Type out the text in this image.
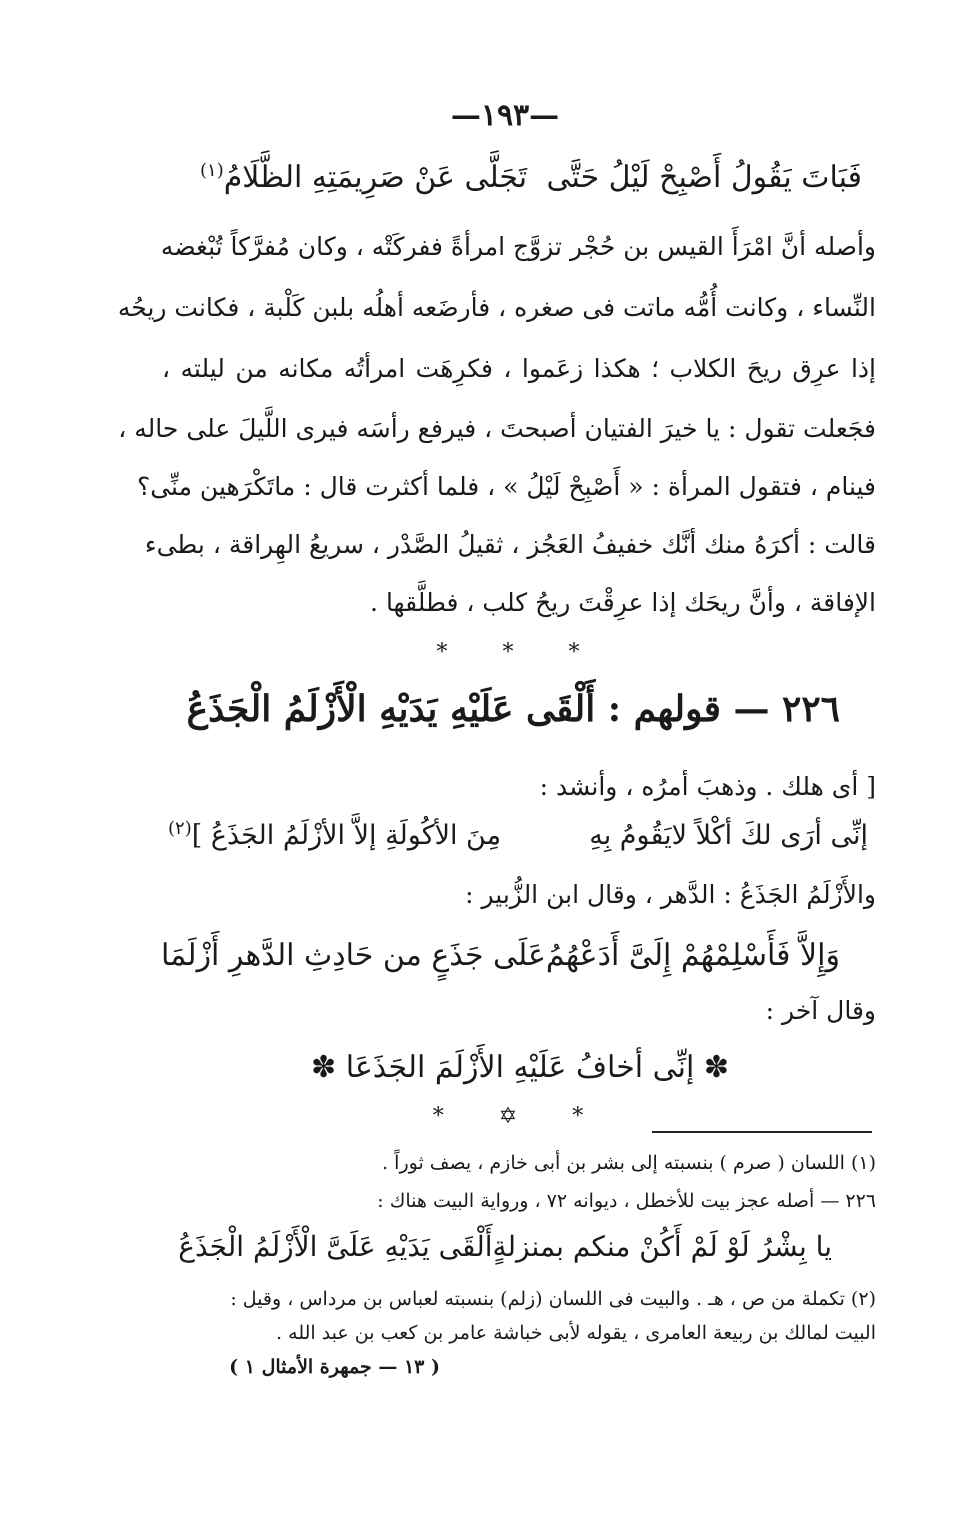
—١٩٣—
فَبَاتَ يَقُولُ أَصْبِحْ لَيْلُ حَتَّى
تَجَلَّى عَنْ صَرِيمَتِهِ الظَّلَامُ$^{(١)}$
وأصله أنَّ امْرَأَ القيس بن حُجْر تزوَّج امرأةً ففركَتْه ، وكان مُفرَّكاً تُبْغضه
النِّساء ، وكانت أُمُّه ماتت فى صغره ، فأرضَعه أهلُه بلبن كَلْبة ، فكانت ريحُه
إذا عرِق ريحَ الكلاب ؛ هكذا زعَموا ، فكرِهَت امرأتُه مكانه من ليلته ،
فجَعلت تقول : يا خيرَ الفتيان أصبحتَ ، فيرفع رأسَه فيرى اللَّيلَ على حاله ،
فينام ، فتقول المرأة : « أَصْبِحْ لَيْلُ » ، فلما أكثرت قال : ماتَكْرَهين منِّى؟
قالت : أكرَهُ منك أنَّك خفيفُ العَجُز ، ثقيلُ الصَّدْر ، سريعُ الهِراقة ، بطىء
الإفاقة ، وأنَّ ريحَك إذا عرِقْتَ ريحُ كلب ، فطلَّقها .
* * *
٢٢٦ — قولهم : أَلْقَى عَلَيْهِ يَدَيْهِ الْأَزْلَمُ الْجَذَعُ
[ أى هلك . وذهبَ أمرُه ، وأنشد :
إنِّى أرَى لكَ أكْلاً لايَقُومُ بِهِ
مِنَ الأكُولَةِ إلاَّ الأزْلَمُ الجَذَعُ ]$^{(٢)}$
والأَزْلَمُ الجَذَعُ : الدَّهر ، وقال ابن الزُّبير :
وَإِلاَّ فَأَسْلِمْهُمْ إِلَىَّ أَدَعْهُمُ
عَلَى جَذَعٍ من حَادِثِ الدَّهرِ أَزْلَمَا
وقال آخر :
✽ إنِّى أخافُ عَلَيْهِ الأَزْلَمَ الجَذَعَا ✽
* ✡ *
(١) اللسان ( صرم ) بنسبته إلى بشر بن أبى خازم ، يصف ثوراً .
٢٢٦ — أصله عجز بيت للأخطل ، ديوانه ٧٢ ، ورواية البيت هناك :
يا بِشْرُ لَوْ لَمْ أَكُنْ منكم بمنزلةٍ
أَلْقَى يَدَيْهِ عَلَىَّ الْأَزْلَمُ الْجَذَعُ
(٢) تكملة من ص ، هـ . والبيت فى اللسان (زلم) بنسبته لعباس بن مرداس ، وقيل :
البيت لمالك بن ربيعة العامرى ، يقوله لأبى خباشة عامر بن كعب بن عبد الله .
( ١٣ — جمهرة الأمثال ١ )
